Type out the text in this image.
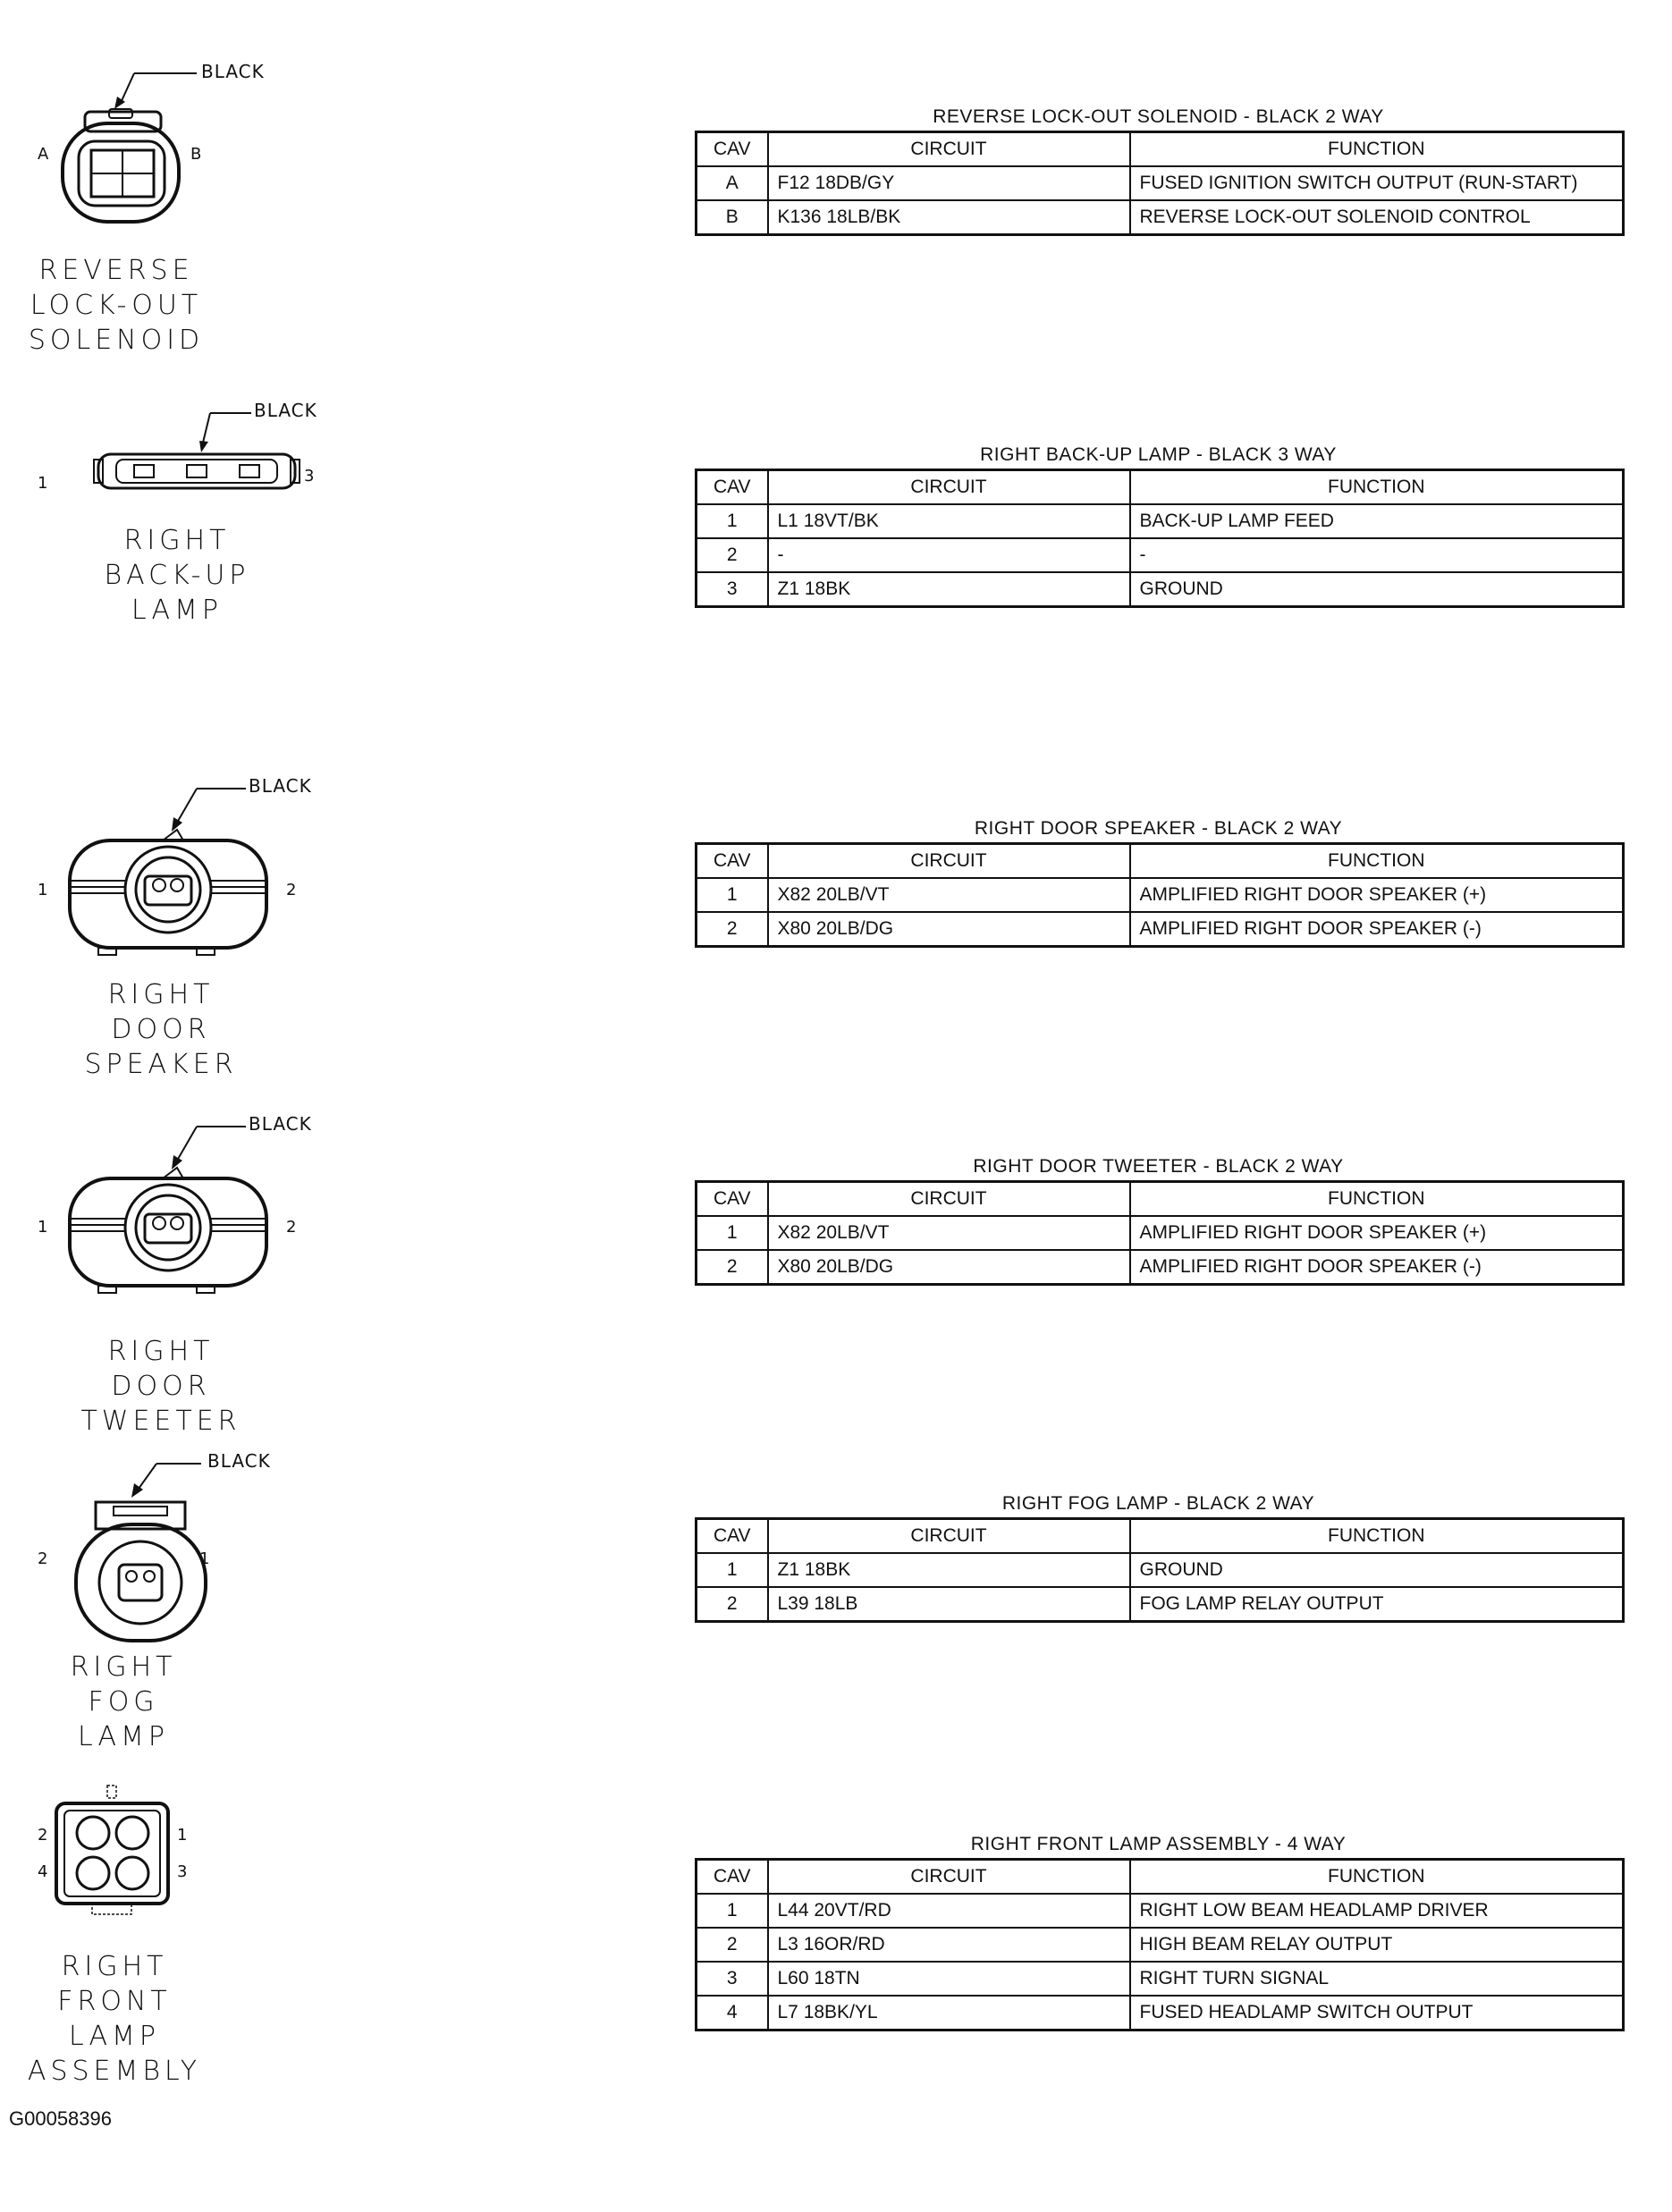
BLACK
A	B
REVERSE
LOCK-OUT
SOLENOID
REVERSE LOCK-OUT SOLENOID - BLACK 2 WAY
CAV	CIRCUIT	FUNCTION
A	F12 18DB/GY	FUSED IGNITION SWITCH OUTPUT (RUN-START)
B	K136 18LB/BK	REVERSE LOCK-OUT SOLENOID CONTROL
BLACK
1	3
RIGHT
BACK-UP
LAMP
RIGHT BACK-UP LAMP - BLACK 3 WAY
CAV	CIRCUIT	FUNCTION
1	L1 18VT/BK	BACK-UP LAMP FEED
2	-	-
3	Z1 18BK	GROUND
BLACK
1	2
RIGHT DOOR
SPEAKER
RIGHT DOOR SPEAKER - BLACK 2 WAY
CAV	CIRCUIT	FUNCTION
1	X82 20LB/VT	AMPLIFIED RIGHT DOOR SPEAKER (+)
2	X80 20LB/DG	AMPLIFIED RIGHT DOOR SPEAKER (-)
BLACK
1	2
RIGHT DOOR
TWEETER
RIGHT DOOR TWEETER - BLACK 2 WAY
CAV	CIRCUIT	FUNCTION
1	X82 20LB/VT	AMPLIFIED RIGHT DOOR SPEAKER (+)
2	X80 20LB/DG	AMPLIFIED RIGHT DOOR SPEAKER (-)
BLACK
2	1
RIGHT FOG
LAMP
RIGHT FOG LAMP - BLACK 2 WAY
CAV	CIRCUIT	FUNCTION
1	Z1 18BK	GROUND
2	L39 18LB	FOG LAMP RELAY OUTPUT
2
4
1
3
RIGHT
FRONT
LAMP
ASSEMBLY
RIGHT FRONT LAMP ASSEMBLY - 4 WAY
CAV	CIRCUIT	FUNCTION
1	L44 20VT/RD	RIGHT LOW BEAM HEADLAMP DRIVER
2	L3 16OR/RD	HIGH BEAM RELAY OUTPUT
3	L60 18TN	RIGHT TURN SIGNAL
4	L7 18BK/YL	FUSED HEADLAMP SWITCH OUTPUT
G00058396
